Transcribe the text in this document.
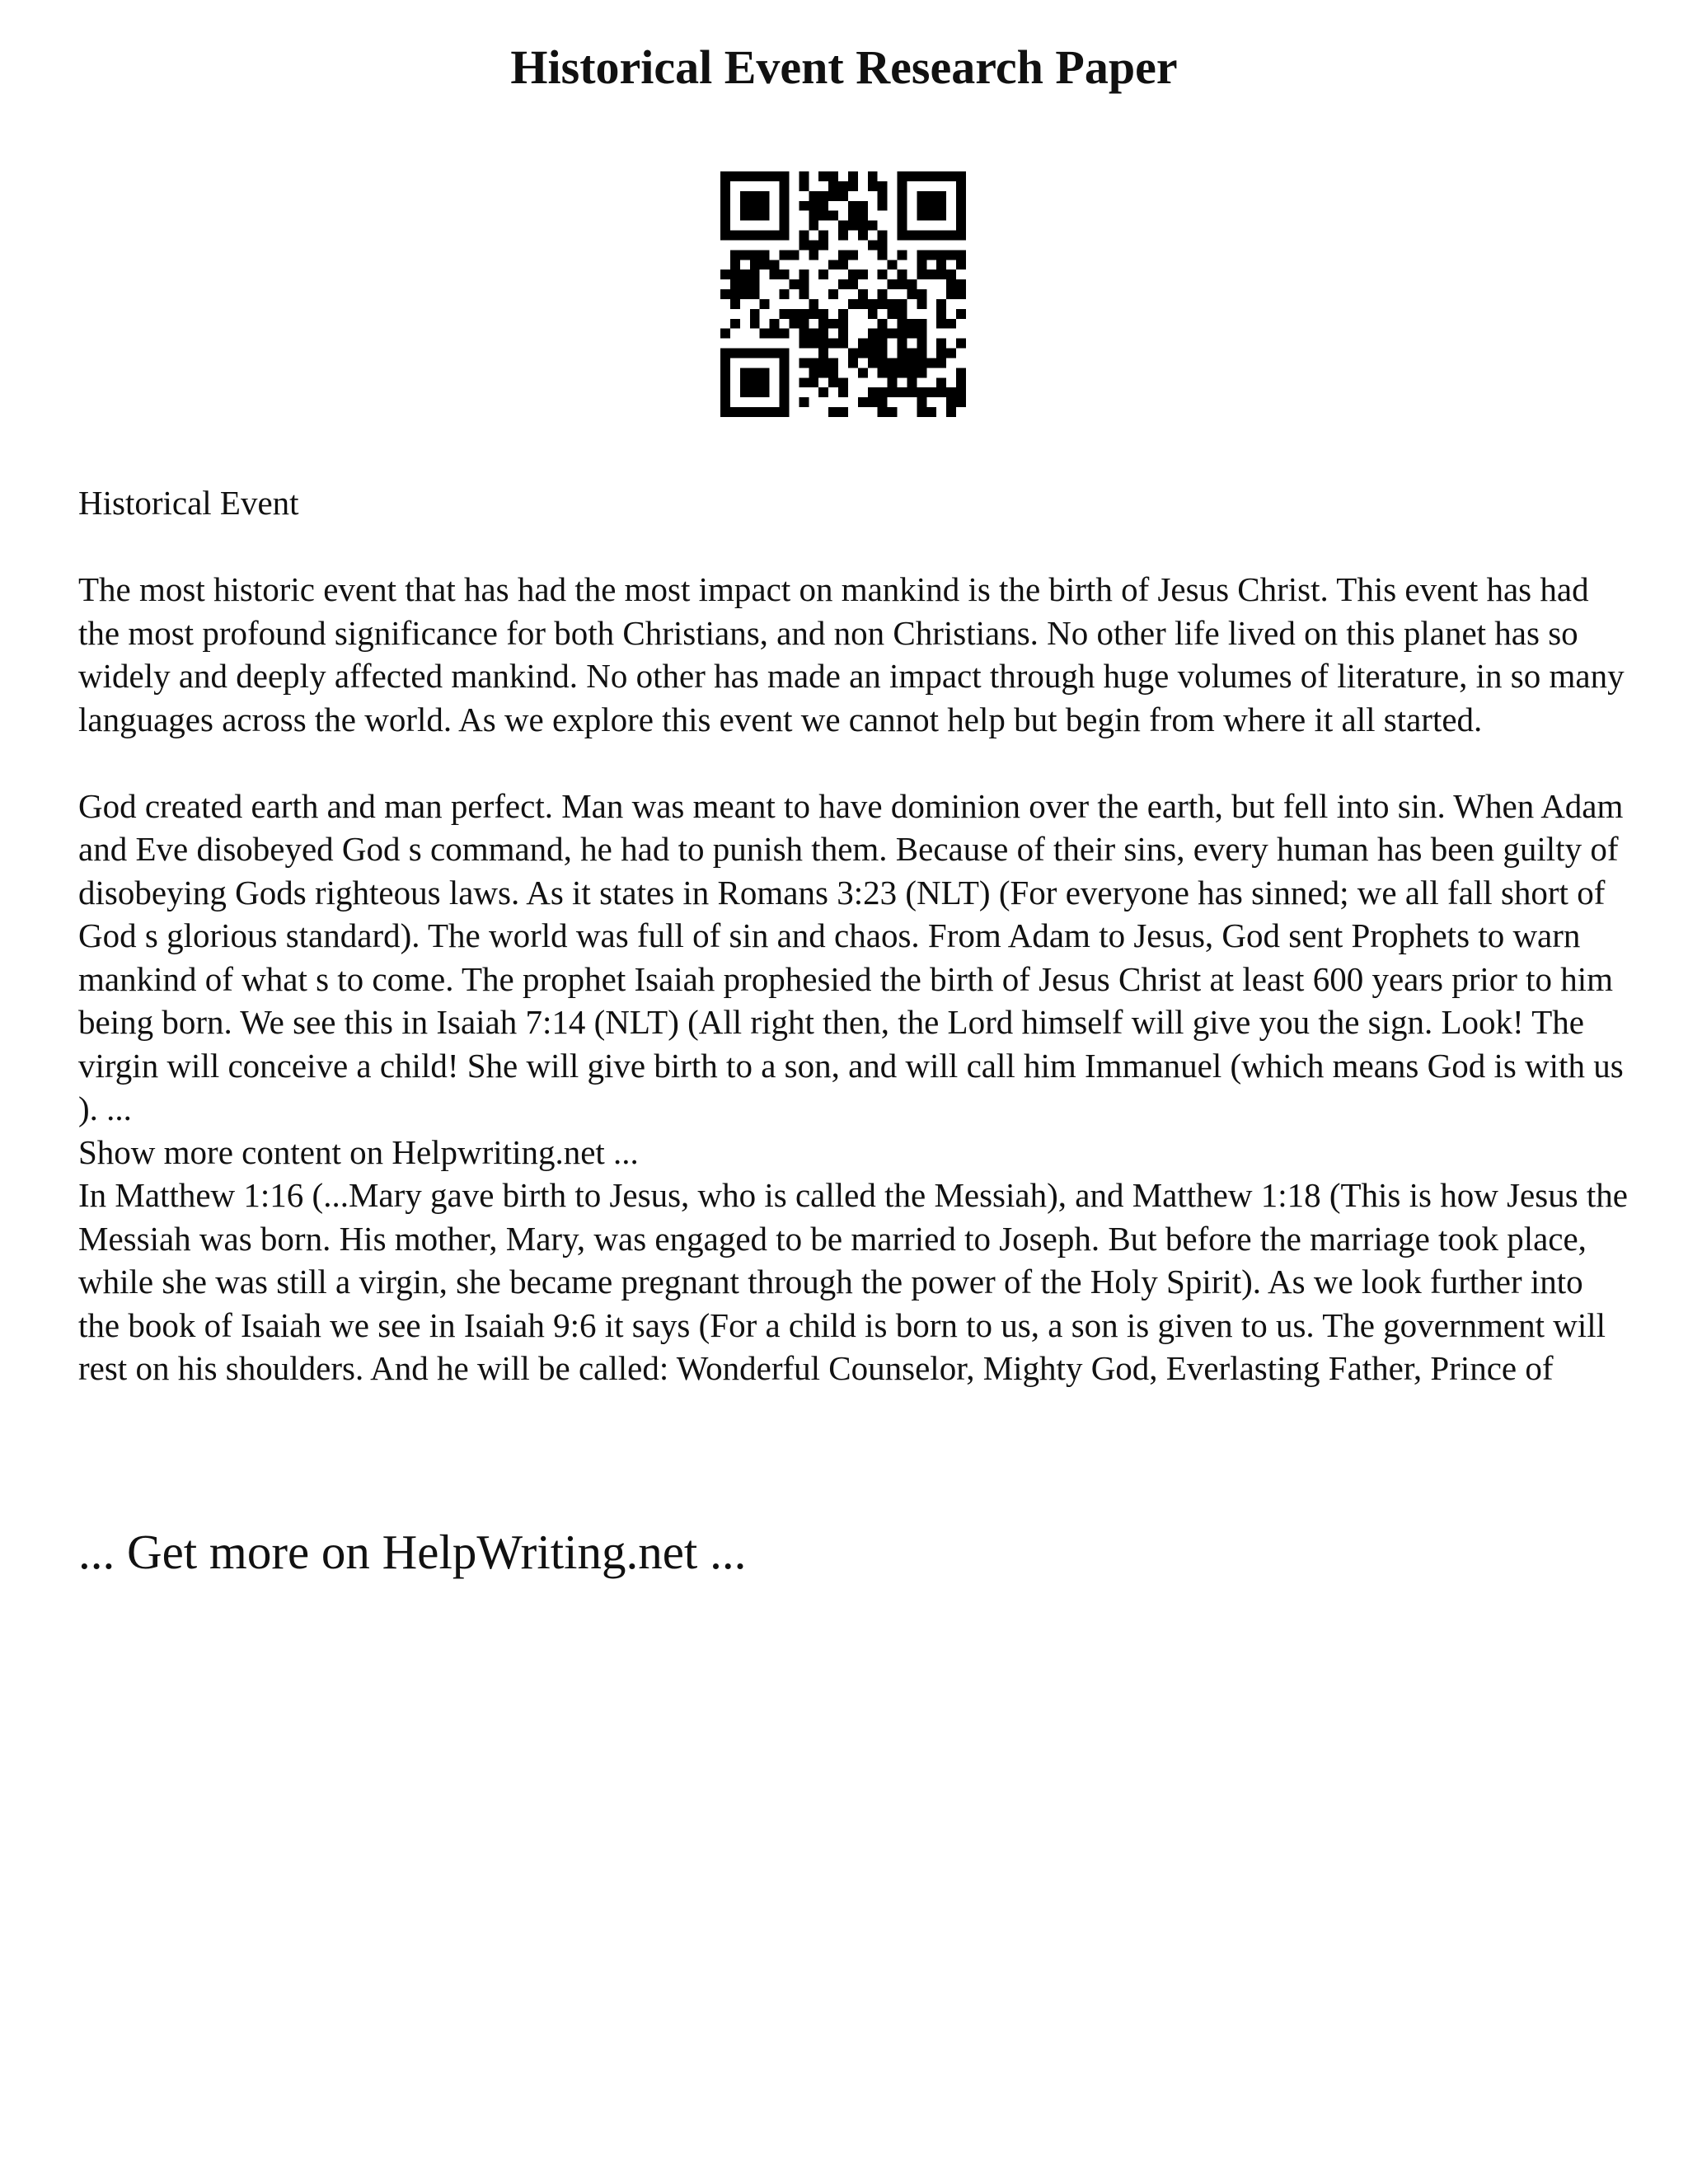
Historical Event Research Paper

Historical Event

The most historic event that has had the most impact on mankind is the birth of Jesus Christ. This event has had the most profound significance for both Christians, and non Christians. No other life lived on this planet has so widely and deeply affected mankind. No other has made an impact through huge volumes of literature, in so many languages across the world. As we explore this event we cannot help but begin from where it all started.

God created earth and man perfect. Man was meant to have dominion over the earth, but fell into sin. When Adam and Eve disobeyed God s command, he had to punish them. Because of their sins, every human has been guilty of disobeying Gods righteous laws. As it states in Romans 3:23 (NLT) (For everyone has sinned; we all fall short of God s glorious standard). The world was full of sin and chaos. From Adam to Jesus, God sent Prophets to warn mankind of what s to come. The prophet Isaiah prophesied the birth of Jesus Christ at least 600 years prior to him being born. We see this in Isaiah 7:14 (NLT) (All right then, the Lord himself will give you the sign. Look! The virgin will conceive a child! She will give birth to a son, and will call him Immanuel (which means God is with us ). ...

Show more content on Helpwriting.net ...

In Matthew 1:16 (...Mary gave birth to Jesus, who is called the Messiah), and Matthew 1:18 (This is how Jesus the Messiah was born. His mother, Mary, was engaged to be married to Joseph. But before the marriage took place, while she was still a virgin, she became pregnant through the power of the Holy Spirit). As we look further into the book of Isaiah we see in Isaiah 9:6 it says (For a child is born to us, a son is given to us. The government will rest on his shoulders. And he will be called: Wonderful Counselor, Mighty God, Everlasting Father, Prince of

... Get more on HelpWriting.net ...
